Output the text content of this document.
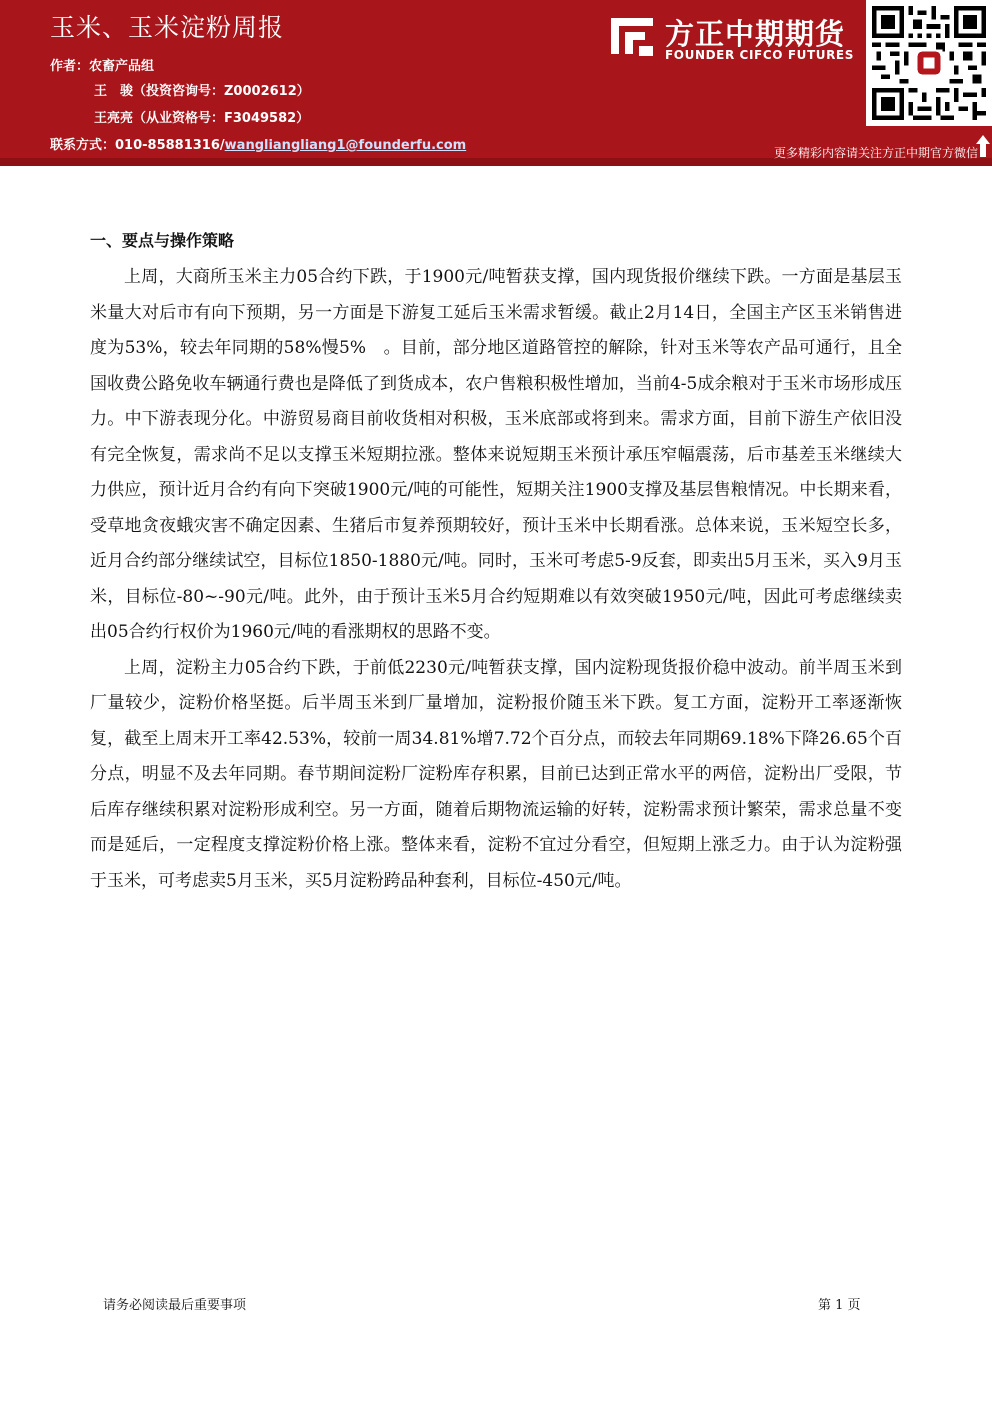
玉米、玉米淀粉周报
作者：农畜产品组
王　骏（投资咨询号：Z0002612）
王亮亮（从业资格号：F3049582）
联系方式：010-85881316/wangliangliang1@founderfu.com
方正中期期货
FOUNDER CIFCO FUTURES
更多精彩内容请关注方正中期官方微信
一、要点与操作策略

上周，大商所玉米主力05合约下跌，于1900元/吨暂获支撑，国内现货报价继续下跌。一方面是基层玉米量大对后市有向下预期，另一方面是下游复工延后玉米需求暂缓。截止2月14日，全国主产区玉米销售进度为53%，较去年同期的58%慢5%　。目前，部分地区道路管控的解除，针对玉米等农产品可通行，且全国收费公路免收车辆通行费也是降低了到货成本，农户售粮积极性增加，当前4-5成余粮对于玉米市场形成压力。中下游表现分化。中游贸易商目前收货相对积极，玉米底部或将到来。需求方面，目前下游生产依旧没有完全恢复，需求尚不足以支撑玉米短期拉涨。整体来说短期玉米预计承压窄幅震荡，后市基差玉米继续大力供应，预计近月合约有向下突破1900元/吨的可能性，短期关注1900支撑及基层售粮情况。中长期来看，受草地贪夜蛾灾害不确定因素、生猪后市复养预期较好，预计玉米中长期看涨。总体来说，玉米短空长多，近月合约部分继续试空，目标位1850-1880元/吨。同时，玉米可考虑5-9反套，即卖出5月玉米，买入9月玉米，目标位-80~-90元/吨。此外，由于预计玉米5月合约短期难以有效突破1950元/吨，因此可考虑继续卖出05合约行权价为1960元/吨的看涨期权的思路不变。

上周，淀粉主力05合约下跌，于前低2230元/吨暂获支撑，国内淀粉现货报价稳中波动。前半周玉米到厂量较少，淀粉价格坚挺。后半周玉米到厂量增加，淀粉报价随玉米下跌。复工方面，淀粉开工率逐渐恢复，截至上周末开工率42.53%，较前一周34.81%增7.72个百分点，而较去年同期69.18%下降26.65个百分点，明显不及去年同期。春节期间淀粉厂淀粉库存积累，目前已达到正常水平的两倍，淀粉出厂受限，节后库存继续积累对淀粉形成利空。另一方面，随着后期物流运输的好转，淀粉需求预计繁荣，需求总量不变而是延后，一定程度支撑淀粉价格上涨。整体来看，淀粉不宜过分看空，但短期上涨乏力。由于认为淀粉强于玉米，可考虑卖5月玉米，买5月淀粉跨品种套利，目标位-450元/吨。

请务必阅读最后重要事项	第 1 页
